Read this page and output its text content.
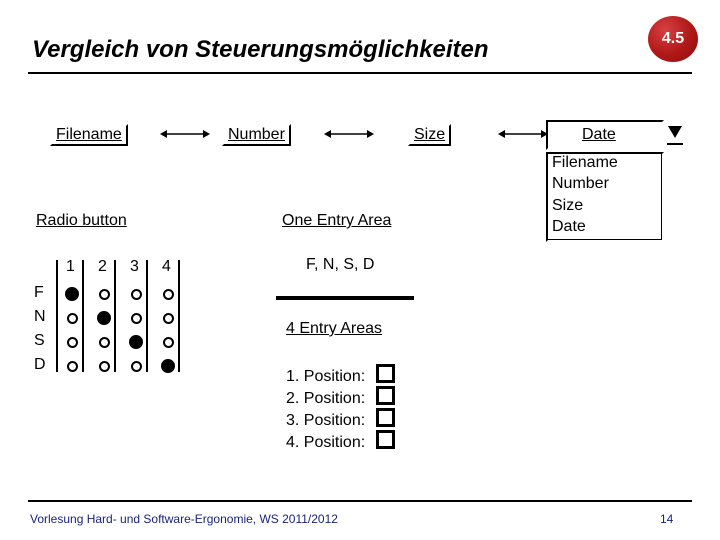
Vergleich von Steuerungsmöglichkeiten	4.5
Filename	Number	Size	Date
Filename
Number
Size
Date
Radio button
1 2 3 4
F
N
S
D
One Entry Area
F, N, S, D
4 Entry Areas
1. Position:
2. Position:
3. Position:
4. Position:
Vorlesung Hard- und Software-Ergonomie, WS 2011/2012	14
